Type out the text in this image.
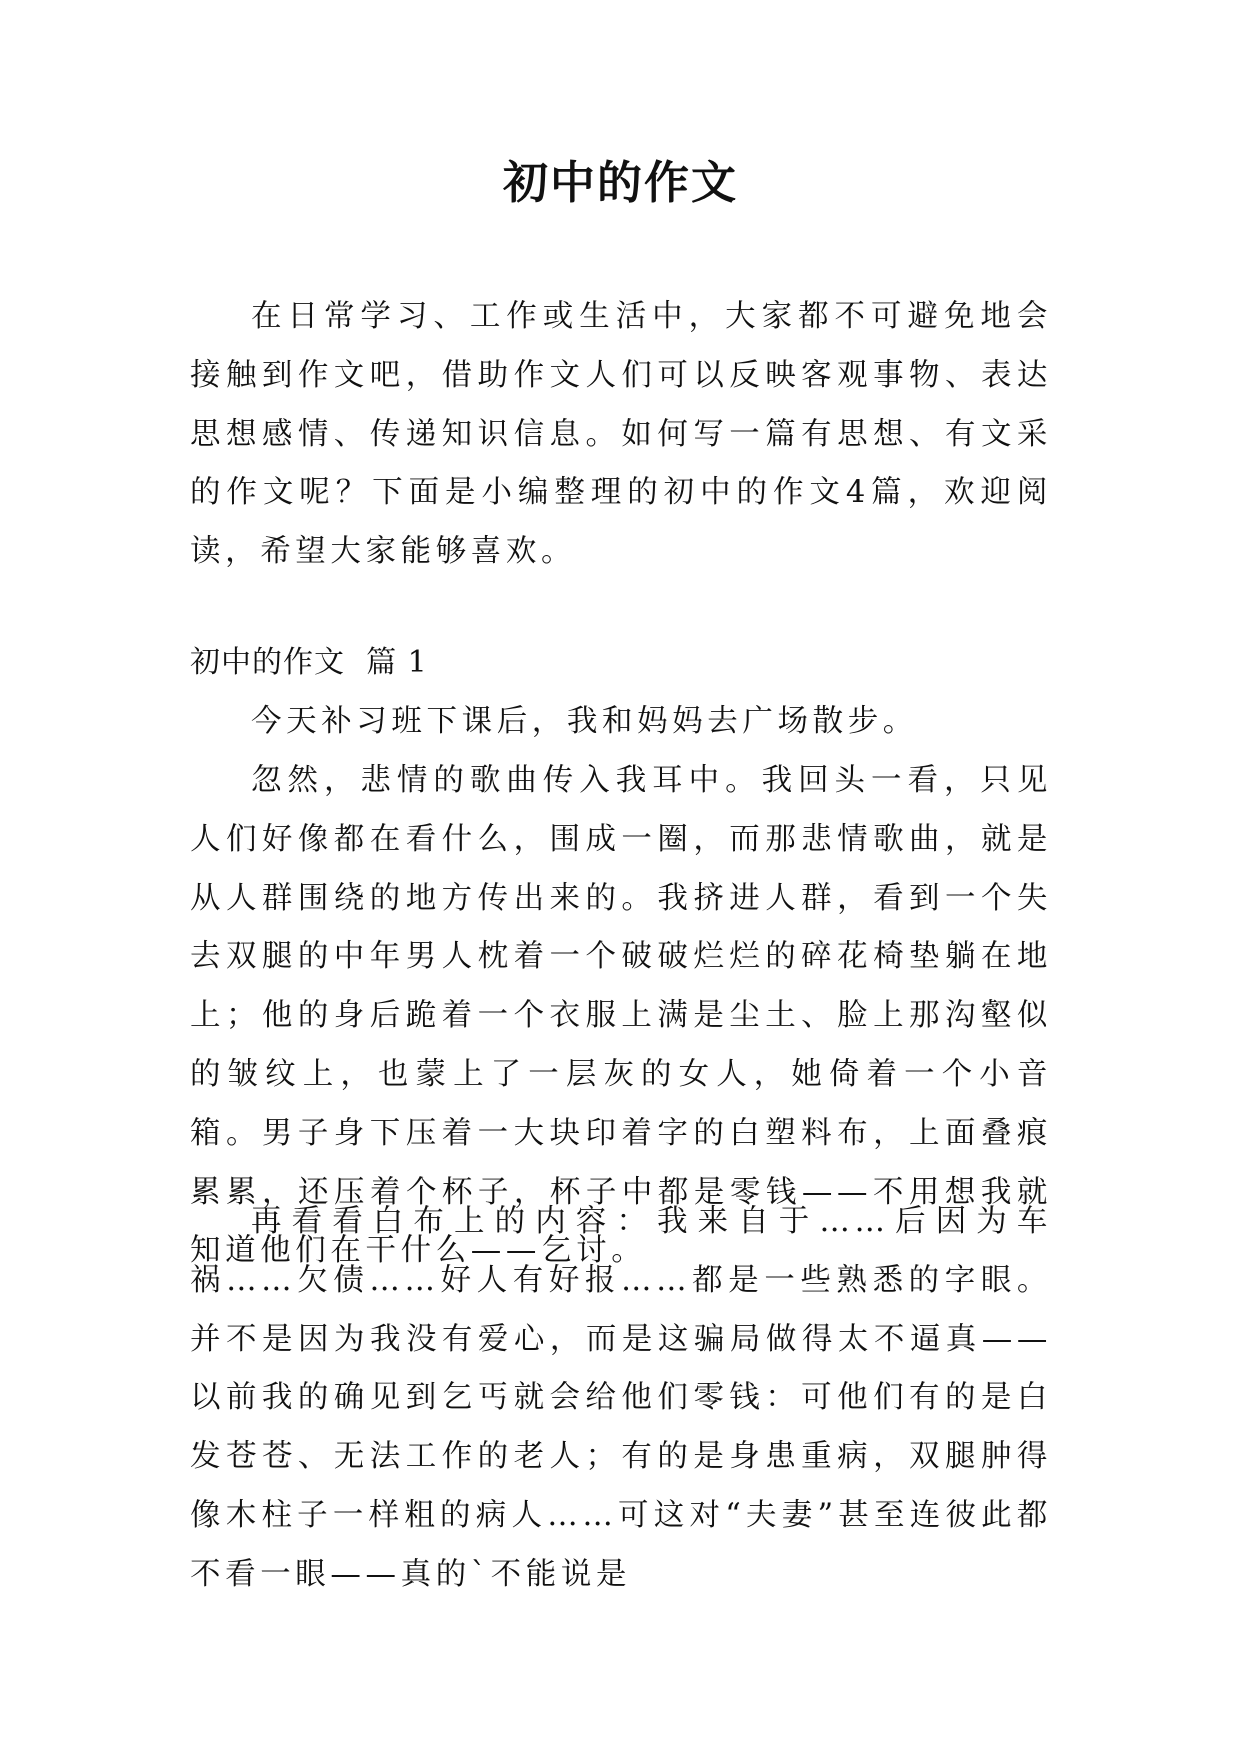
初中的作文

在日常学习、工作或生活中，大家都不可避免地会接触到作文吧，借助作文人们可以反映客观事物、表达思想感情、传递知识信息。如何写一篇有思想、有文采的作文呢？下面是小编整理的初中的作文4篇，欢迎阅读，希望大家能够喜欢。

初中的作文  篇 1

今天补习班下课后，我和妈妈去广场散步。

忽然，悲情的歌曲传入我耳中。我回头一看，只见人们好像都在看什么，围成一圈，而那悲情歌曲，就是从人群围绕的地方传出来的。我挤进人群，看到一个失去双腿的中年男人枕着一个破破烂烂的碎花椅垫躺在地上；他的身后跪着一个衣服上满是尘土、脸上那沟壑似的皱纹上，也蒙上了一层灰的女人，她倚着一个小音箱。男子身下压着一大块印着字的白塑料布，上面叠痕累累，还压着个杯子，杯子中都是零钱——不用想我就知道他们在干什么——乞讨。

再看看白布上的内容：我来自于……后因为车祸……欠债……好人有好报……都是一些熟悉的字眼。并不是因为我没有爱心，而是这骗局做得太不逼真——以前我的确见到乞丐就会给他们零钱：可他们有的是白发苍苍、无法工作的老人；有的是身患重病，双腿肿得像木柱子一样粗的病人……可这对“夫妻”甚至连彼此都不看一眼——真的`不能说是
